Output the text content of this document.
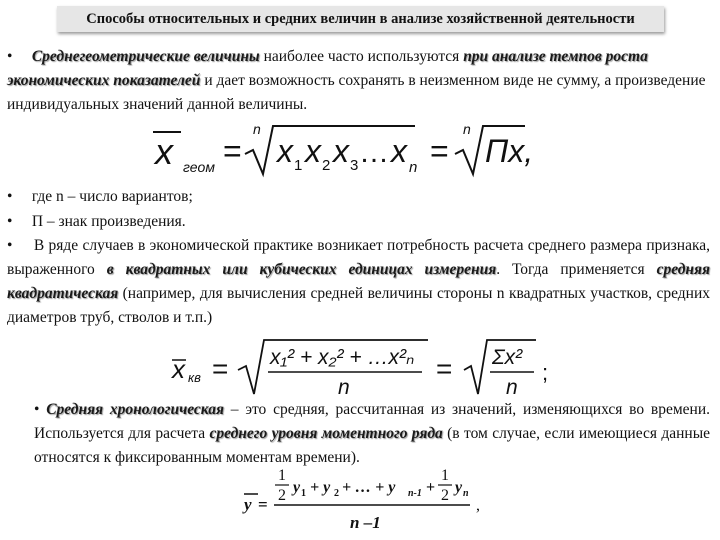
Способы относительных и средних величин в анализе хозяйственной деятельности
• Среднегеометрические величины наиболее часто используются при анализе темпов роста экономических показателей и дает возможность сохранять в неизменном виде не сумму, а произведение индивидуальных значений данной величины.
x геом =
n
x 1 x 2 x 3 … x n =
n
Пx,
• где n – число вариантов;
• П – знак произведения.
• В ряде случаев в экономической практике возникает потребность расчета среднего размера признака, выраженного в квадратных или кубических единицах измерения. Тогда применяется средняя квадратическая (например, для вычисления средней величины стороны n квадратных участков, средних диаметров труб, стволов и т.п.)
x кв = x₁² + x₂² + …x²ₙ
n
= Σx²
n
;
• Средняя хронологическая – это средняя, рассчитанная из значений, изменяющихся во времени. Используется для расчета среднего уровня моментного ряда (в том случае, если имеющиеся данные относятся к фиксированным моментам времени).
y =
1
2 y 1 + y 2 + … + y n-1 +
1
2 y n
n –1
,
